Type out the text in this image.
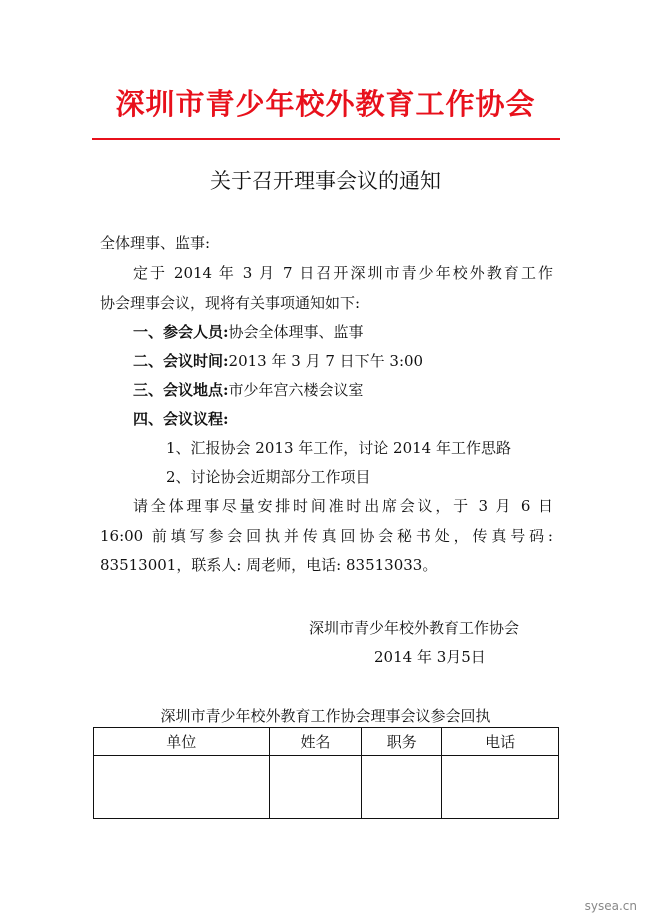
深圳市青少年校外教育工作协会
关于召开理事会议的通知
全体理事、监事:
定于 2014 年 3 月 7 日召开深圳市青少年校外教育工作
协会理事会议，现将有关事项通知如下:
一、参会人员:协会全体理事、监事
二、会议时间:2013 年 3 月 7 日下午 3:00
三、会议地点:市少年宫六楼会议室
四、会议议程:
1、汇报协会 2013 年工作，讨论 2014 年工作思路
2、讨论协会近期部分工作项目
请全体理事尽量安排时间准时出席会议，于 3 月 6 日
16:00 前填写参会回执并传真回协会秘书处，传真号码:
83513001，联系人: 周老师，电话: 83513033。
深圳市青少年校外教育工作协会
2014 年 3月5日
深圳市青少年校外教育工作协会理事会议参会回执
单位	姓名	职务	电话

sysea.cn
